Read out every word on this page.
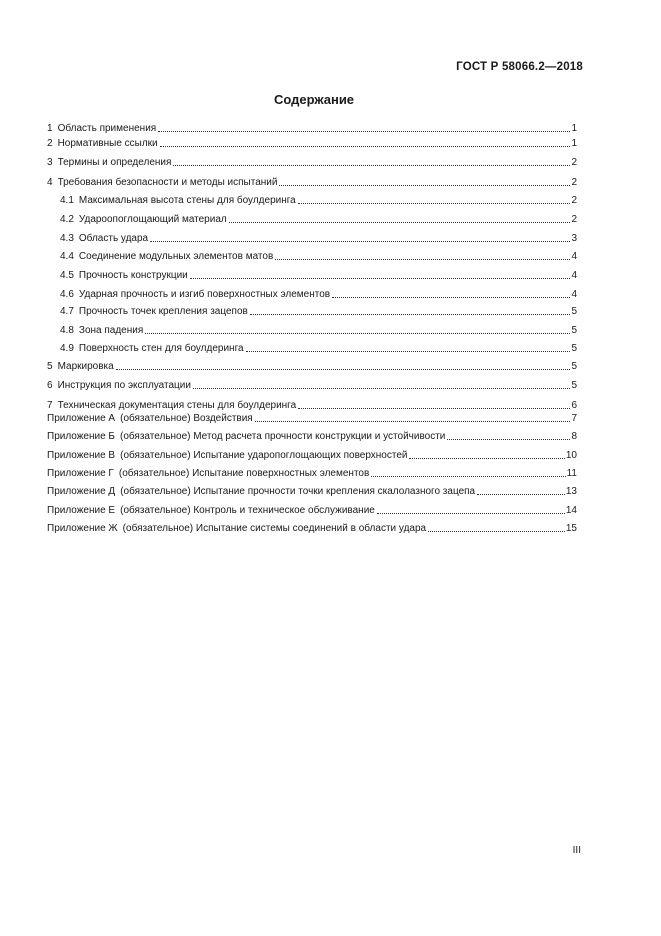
ГОСТ Р 58066.2—2018
Содержание
1 Область применения	1
2 Нормативные ссылки	1
3 Термины и определения	2
4 Требования безопасности и методы испытаний	2
4.1 Максимальная высота стены для боулдеринга	2
4.2 Удароопоглощающий материал	2
4.3 Область удара	3
4.4 Соединение модульных элементов матов	4
4.5 Прочность конструкции	4
4.6 Ударная прочность и изгиб поверхностных элементов	4
4.7 Прочность точек крепления зацепов	5
4.8 Зона падения	5
4.9 Поверхность стен для боулдеринга	5
5 Маркировка	5
6 Инструкция по эксплуатации	5
7 Техническая документация стены для боулдеринга	6
Приложение А (обязательное) Воздействия	7
Приложение Б (обязательное) Метод расчета прочности конструкции и устойчивости	8
Приложение В (обязательное) Испытание ударопоглощающих поверхностей	10
Приложение Г (обязательное) Испытание поверхностных элементов	11
Приложение Д (обязательное) Испытание прочности точки крепления скалолазного зацепа	13
Приложение Е (обязательное) Контроль и техническое обслуживание	14
Приложение Ж (обязательное) Испытание системы соединений в области удара	15
III
